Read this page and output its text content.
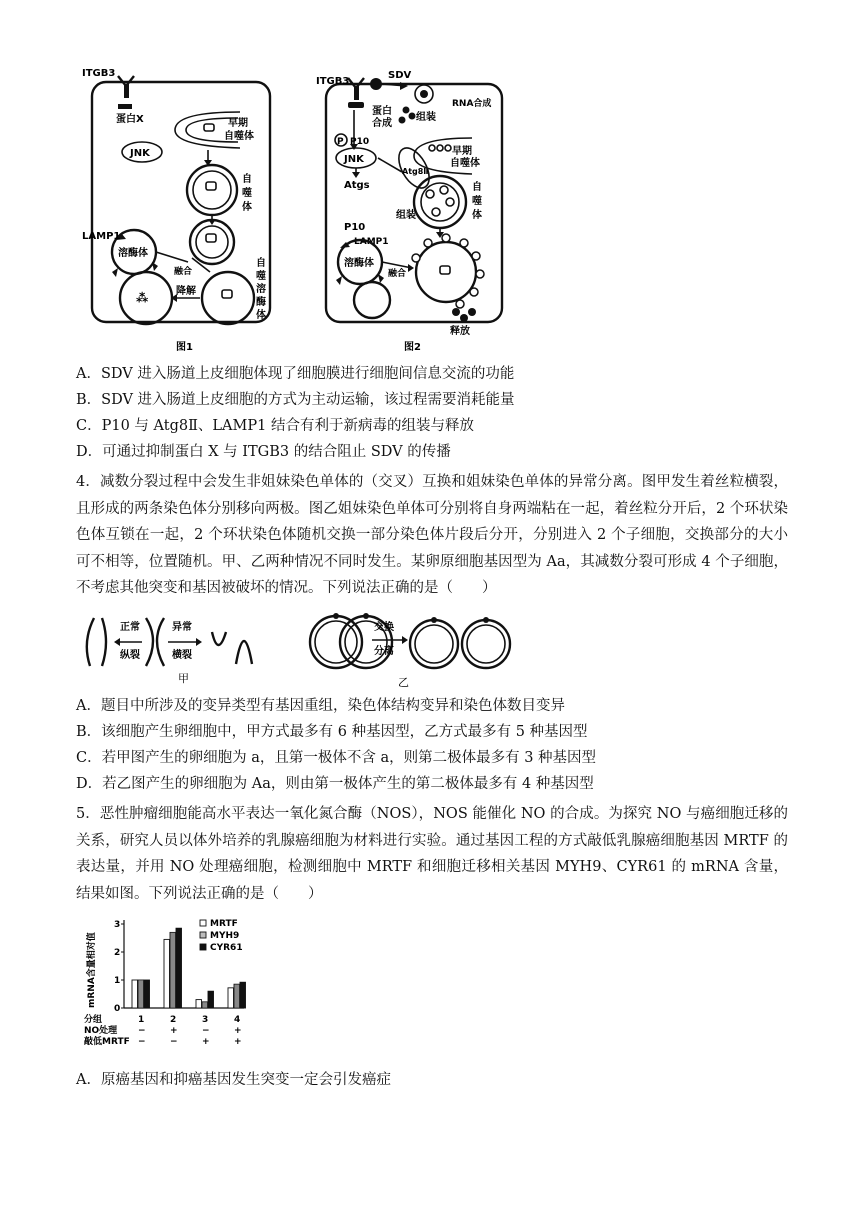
ITGB3
蛋白X
JNK
早期
自噬体
自
噬
体
LAMP1
溶酶体
融合
自
噬
溶
酶
体
⁂	降解
图1
ITGB3
SDV
RNA合成
蛋白
合成
组装
P P10
JNK
Atgs
Atg8Ⅱ
早期
自噬体
自
噬
体
组装
P10
LAMP1
溶酶体
融合
释放
图2
A．SDV 进入肠道上皮细胞体现了细胞膜进行细胞间信息交流的功能
B．SDV 进入肠道上皮细胞的方式为主动运输，该过程需要消耗能量
C．P10 与 Atg8Ⅱ、LAMP1 结合有利于新病毒的组装与释放
D．可通过抑制蛋白 X 与 ITGB3 的结合阻止 SDV 的传播
4．减数分裂过程中会发生非姐妹染色单体的（交叉）互换和姐妹染色单体的异常分离。图甲发生着丝粒横裂，且形成的两条染色体分别移向两极。图乙姐妹染色单体可分别将自身两端粘在一起，着丝粒分开后，2 个环状染色体互锁在一起，2 个环状染色体随机交换一部分染色体片段后分开，分别进入 2 个子细胞，交换部分的大小可不相等，位置随机。甲、乙两种情况不同时发生。某卵原细胞基因型为 Aa，其减数分裂可形成 4 个子细胞，不考虑其他突变和基因被破坏的情况。下列说法正确的是（　　）
正常
纵裂
异常
横裂
甲
交换
分离
乙
A．题目中所涉及的变异类型有基因重组，染色体结构变异和染色体数目变异
B．该细胞产生卵细胞中，甲方式最多有 6 种基因型，乙方式最多有 5 种基因型
C．若甲图产生的卵细胞为 a，且第一极体不含 a，则第二极体最多有 3 种基因型
D．若乙图产生的卵细胞为 Aa，则由第一极体产生的第二极体最多有 4 种基因型
5．恶性肿瘤细胞能高水平表达一氧化氮合酶（NOS），NOS 能催化 NO 的合成。为探究 NO 与癌细胞迁移的关系，研究人员以体外培养的乳腺癌细胞为材料进行实验。通过基因工程的方式敲低乳腺癌细胞基因 MRTF 的表达量，并用 NO 处理癌细胞，检测细胞中 MRTF 和细胞迁移相关基因 MYH9、CYR61 的 mRNA 含量，结果如图。下列说法正确的是（　　）
mRNA含量相对值
0
1
2
3	MRTF
MYH9
CYR61
分组	1	2	3	4
NO处理 −	+	−	+
敲低MRTF −	−	+	+
A．原癌基因和抑癌基因发生突变一定会引发癌症
